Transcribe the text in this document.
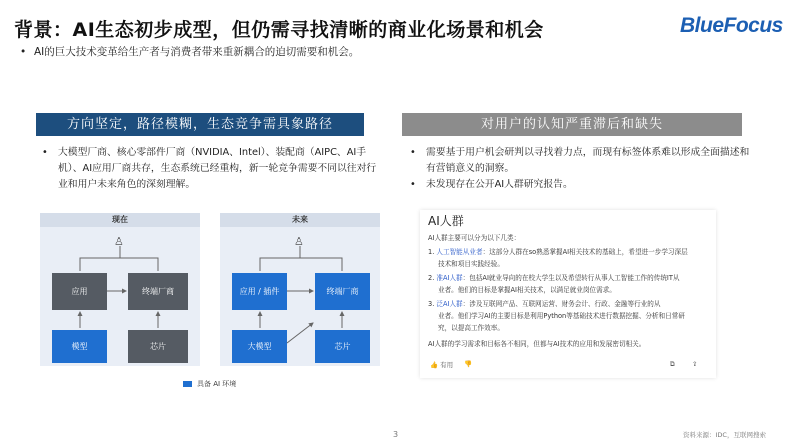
背景：AI生态初步成型，但仍需寻找清晰的商业化场景和机会	BlueFocus
• AI的巨大技术变革给生产者与消费者带来重新耦合的迫切需要和机会。
方向坚定，路径模糊，生态竞争需具象路径	对用户的认知严重滞后和缺失
•	大模型厂商、核心零部件厂商（NVIDIA、Intel）、装配商（AIPC、AI手机）、AI应用厂商共存，生态系统已经重构，新一轮竞争需要不同以往对行业和用户未来角色的深刻理解。
•	需要基于用户机会研判以寻找着力点，而现有标签体系难以形成全面描述和有营销意义的洞察。
•	未发现存在公开AI人群研究报告。
现在
♙
应用	终端厂商
模型	芯片
未来
♙
应用 / 插件	终端厂商
大模型	芯片
具备 AI 环境
AI人群
AI人群主要可以分为以下几类：
1. 人工智能从业者：这部分人群在so熟悉掌握AI相关技术的基础上，希望进一步学习深层
技术和项目实践经验。
2. 准AI人群：包括AI就业导向的在校大学生以及希望转行从事人工智能工作的传统IT从
业者。他们的目标是掌握AI相关技术，以满足就业岗位需求。
3. 泛AI人群：涉及互联网产品、互联网运营、财务会计、行政、金融等行业的从
业者。他们学习AI的主要目标是利用Python等基础技术进行数据挖掘、分析和日常研
究，以提高工作效率。
AI人群的学习需求和目标各不相同，但都与AI技术的应用和发展密切相关。
👍 有用 👎	⧉	⇪
3	资料来源：IDC，互联网搜索
